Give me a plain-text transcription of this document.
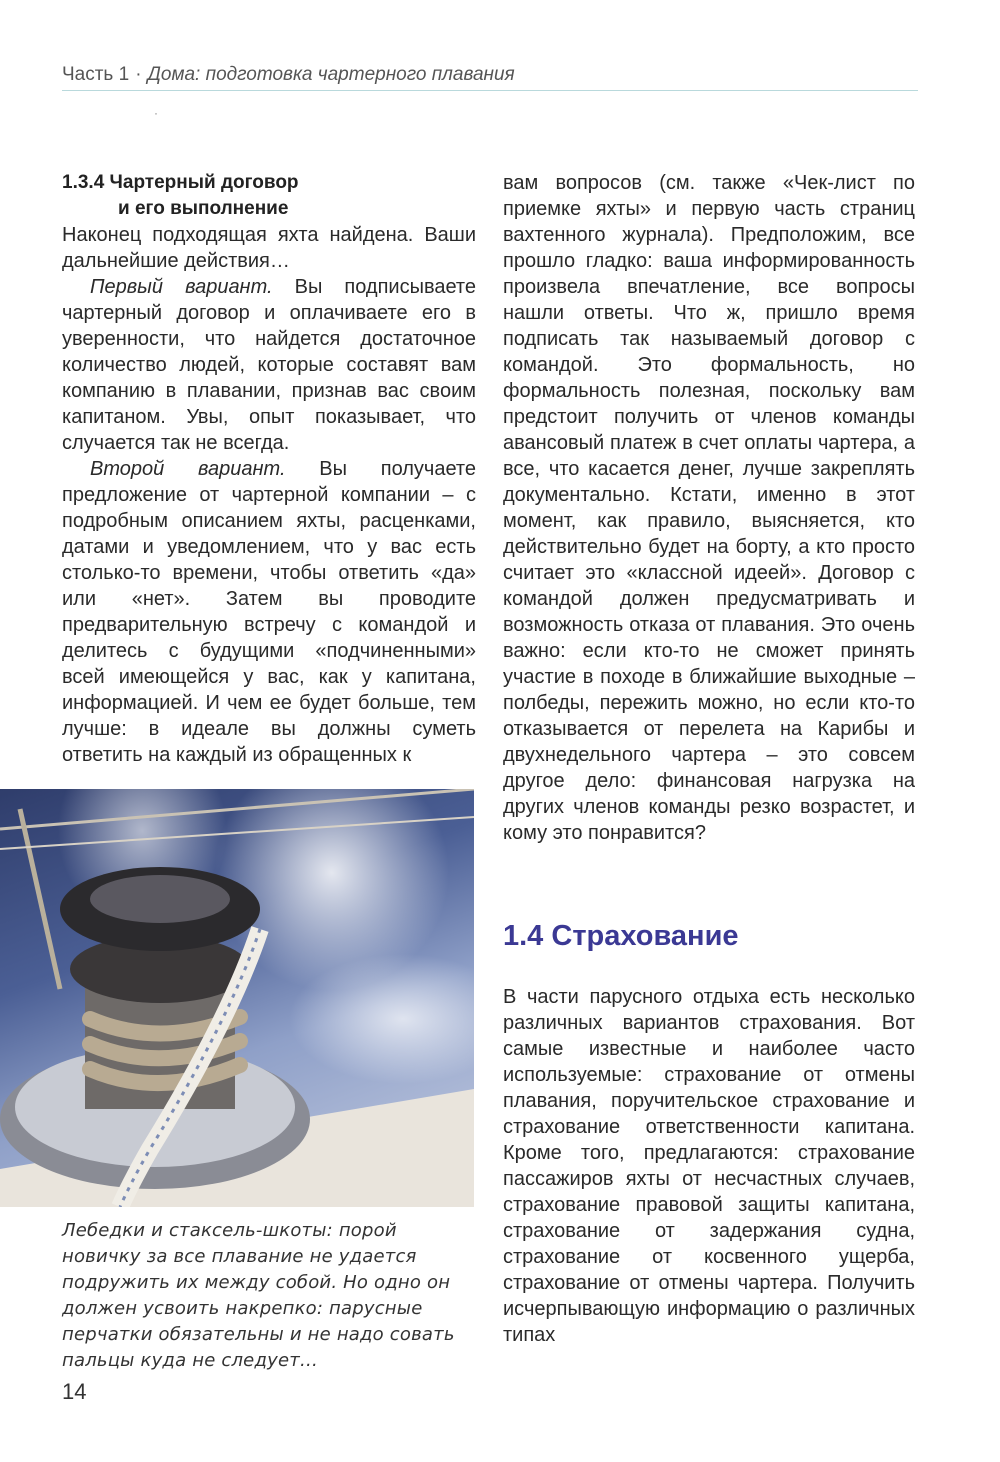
Часть 1 · Дома: подготовка чартерного плавания
·
1.3.4 Чартерный договор
и его выполнение

Наконец подходящая яхта найдена. Ваши дальнейшие действия…

Первый вариант. Вы подписываете чартерный договор и оплачиваете его в уверенности, что найдется достаточное количество людей, которые составят вам компанию в плавании, признав вас своим капитаном. Увы, опыт показывает, что случается так не всегда.

Второй вариант. Вы получаете предложение от чартерной компании – с подробным описанием яхты, расценками, датами и уведомлением, что у вас есть столько-то времени, чтобы ответить «да» или «нет». Затем вы проводите предварительную встречу с командой и делитесь с будущими «подчиненными» всей имеющейся у вас, как у капитана, информацией. И чем ее будет больше, тем лучше: в идеале вы должны суметь ответить на каждый из обращенных к

Лебедки и стаксель-шкоты: порой новичку за все плавание не удается подружить их между собой. Но одно он должен усвоить накрепко: парусные перчатки обязательны и не надо совать пальцы куда не следует…

вам вопросов (см. также «Чек-лист по приемке яхты» и первую часть страниц вахтенного журнала). Предположим, все прошло гладко: ваша информированность произвела впечатление, все вопросы нашли ответы. Что ж, пришло время подписать так называемый договор с командой. Это формальность, но формальность полезная, поскольку вам предстоит получить от членов команды авансовый платеж в счет оплаты чартера, а все, что касается денег, лучше закреплять документально. Кстати, именно в этот момент, как правило, выясняется, кто действительно будет на борту, а кто просто считает это «классной идеей». Договор с командой должен предусматривать и возможность отказа от плавания. Это очень важно: если кто-то не сможет принять участие в походе в ближайшие выходные – полбеды, пережить можно, но если кто-то отказывается от перелета на Карибы и двухнедельного чартера – это совсем другое дело: финансовая нагрузка на других членов команды резко возрастет, и кому это понравится?

1.4 Страхование

В части парусного отдыха есть несколько различных вариантов страхования. Вот самые известные и наиболее часто используемые: страхование от отмены плавания, поручительское страхование и страхование ответственности капитана. Кроме того, предлагаются: страхование пассажиров яхты от несчастных случаев, страхование правовой защиты капитана, страхование от задержания судна, страхование от косвенного ущерба, страхование от отмены чартера. Получить исчерпывающую информацию о различных типах

14
